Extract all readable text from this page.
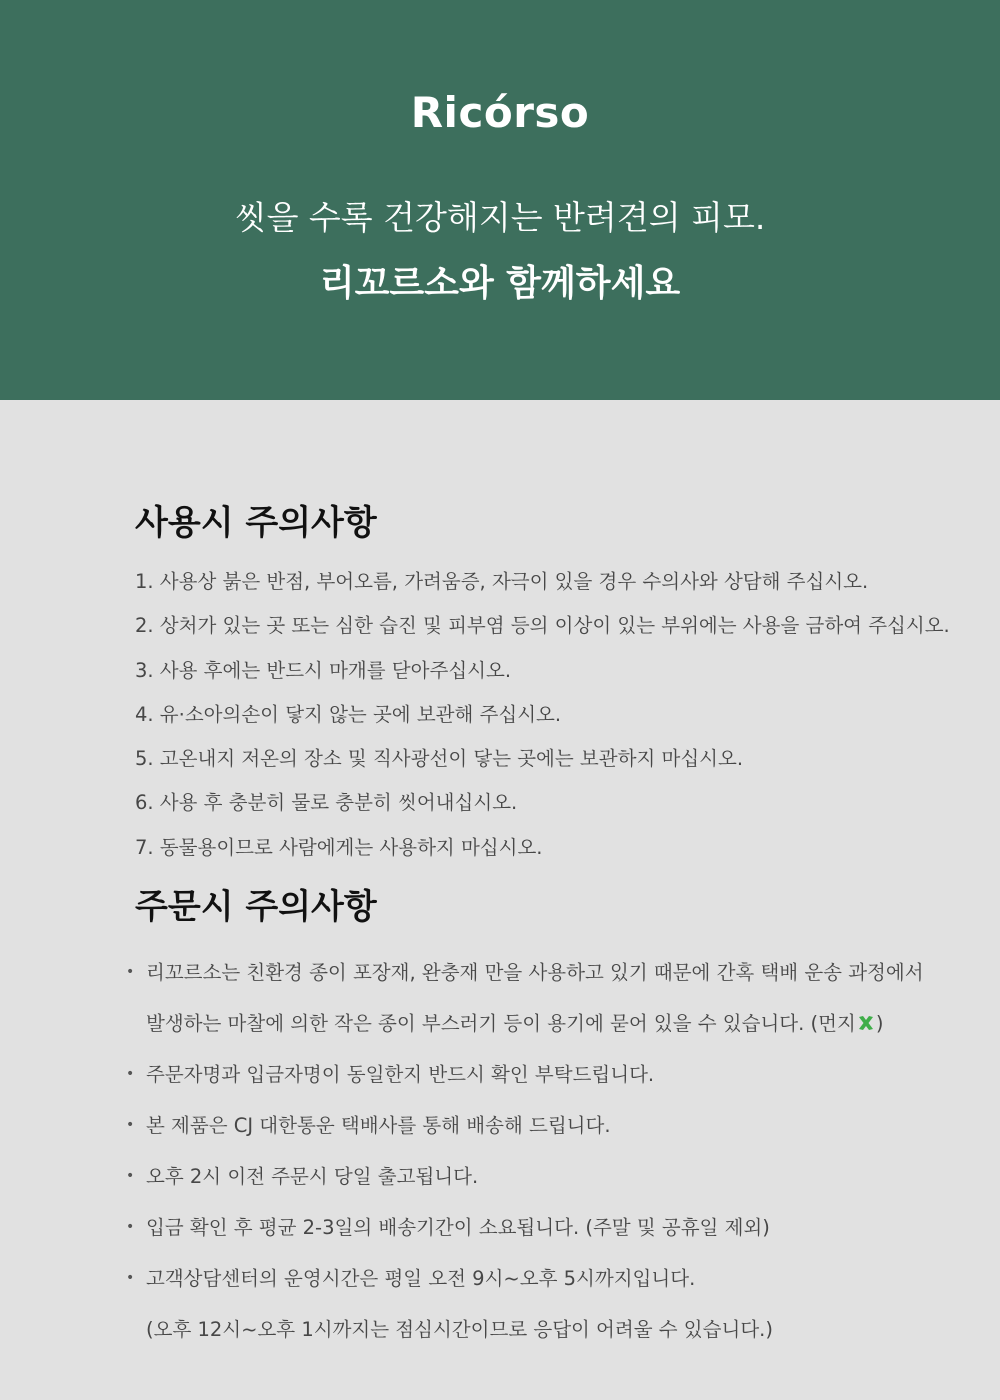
Ricórso
씻을 수록 건강해지는 반려견의 피모.
리꼬르소와 함께하세요
사용시 주의사항
1. 사용상 붉은 반점, 부어오름, 가려움증, 자극이 있을 경우 수의사와 상담해 주십시오.
2. 상처가 있는 곳 또는 심한 습진 및 피부염 등의 이상이 있는 부위에는 사용을 금하여 주십시오.
3. 사용 후에는 반드시 마개를 닫아주십시오.
4. 유·소아의손이 닿지 않는 곳에 보관해 주십시오.
5. 고온내지 저온의 장소 및 직사광선이 닿는 곳에는 보관하지 마십시오.
6. 사용 후 충분히 물로 충분히 씻어내십시오.
7. 동물용이므로 사람에게는 사용하지 마십시오.
주문시 주의사항
• 리꼬르소는 친환경 종이 포장재, 완충재 만을 사용하고 있기 때문에 간혹 택배 운송 과정에서
발생하는 마찰에 의한 작은 종이 부스러기 등이 용기에 묻어 있을 수 있습니다. (먼지 )
• 주문자명과 입금자명이 동일한지 반드시 확인 부탁드립니다.
• 본 제품은 CJ 대한통운 택배사를 통해 배송해 드립니다.
• 오후 2시 이전 주문시 당일 출고됩니다.
• 입금 확인 후 평균 2-3일의 배송기간이 소요됩니다. (주말 및 공휴일 제외)
• 고객상담센터의 운영시간은 평일 오전 9시~오후 5시까지입니다.
(오후 12시~오후 1시까지는 점심시간이므로 응답이 어려울 수 있습니다.)
